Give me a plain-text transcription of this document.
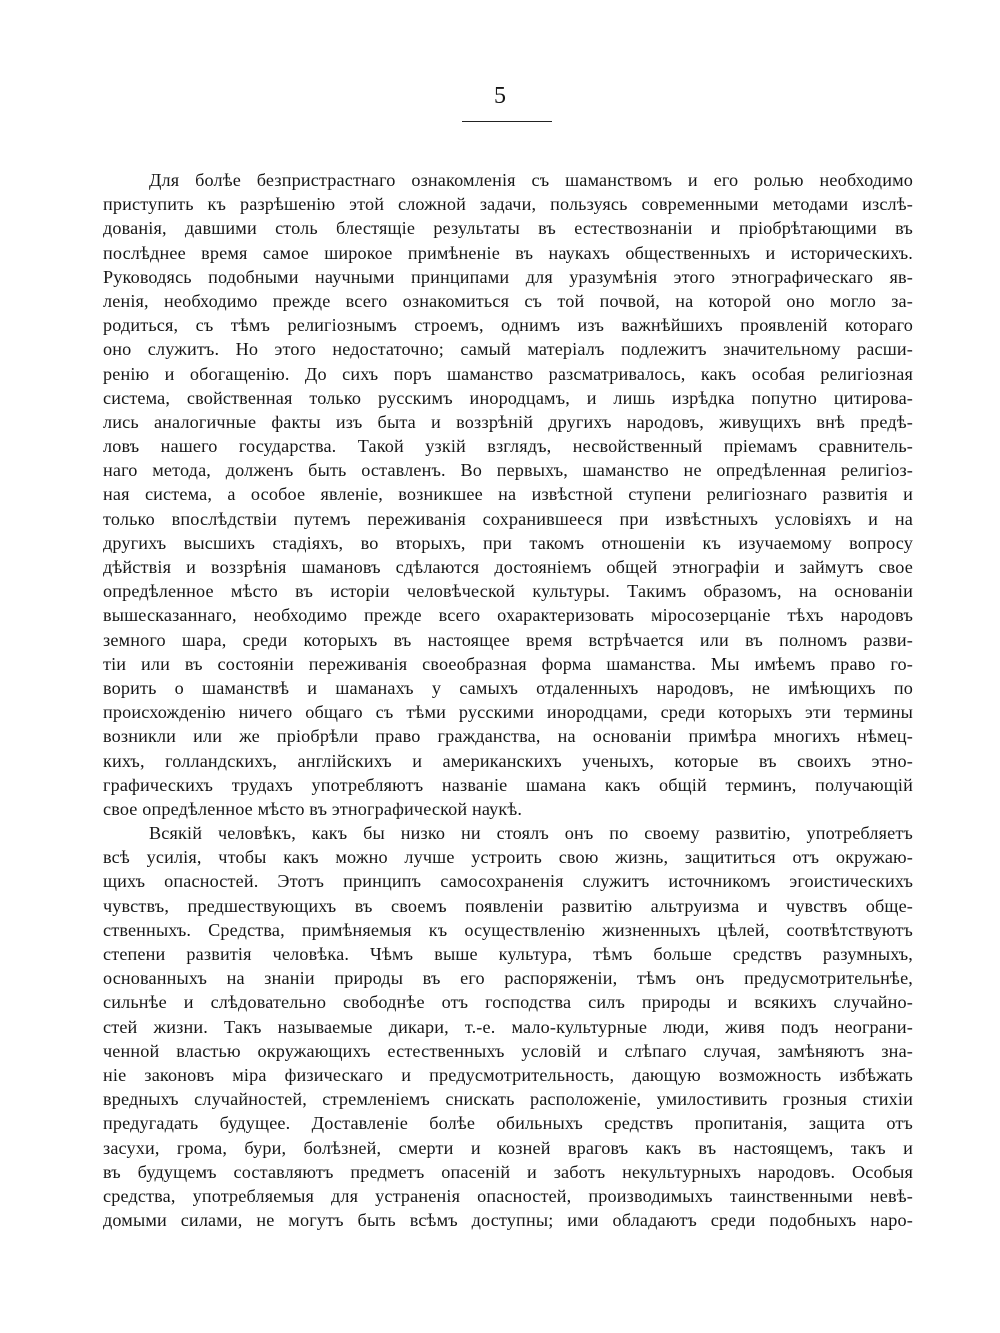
5
Для болѣе безпристрастнаго ознакомленія съ шаманствомъ и его ролью необходимо
приступить къ разрѣшенію этой сложной задачи, пользуясь современными методами изслѣ-
дованія, давшими столь блестящіе результаты въ естествознаніи и пріобрѣтающими въ
послѣднее время самое широкое примѣненіе въ наукахъ общественныхъ и историческихъ.
Руководясь подобными научными принципами для уразумѣнія этого этнографическаго яв-
ленія, необходимо прежде всего ознакомиться съ той почвой, на которой оно могло за-
родиться, съ тѣмъ религіознымъ строемъ, однимъ изъ важнѣйшихъ проявленій котораго
оно служитъ. Но этого недостаточно; самый матеріалъ подлежитъ значительному расши-
ренію и обогащенію. До сихъ поръ шаманство разсматривалось, какъ особая религіозная
система, свойственная только русскимъ инородцамъ, и лишь изрѣдка попутно цитирова-
лись аналогичные факты изъ быта и воззрѣній другихъ народовъ, живущихъ внѣ предѣ-
ловъ нашего государства. Такой узкій взглядъ, несвойственный пріемамъ сравнитель-
наго метода, долженъ быть оставленъ. Во первыхъ, шаманство не опредѣленная религіоз-
ная система, а особое явленіе, возникшее на извѣстной ступени религіознаго развитія и
только впослѣдствіи путемъ переживанія сохранившееся при извѣстныхъ условіяхъ и на
другихъ высшихъ стадіяхъ, во вторыхъ, при такомъ отношеніи къ изучаемому вопросу
дѣйствія и воззрѣнія шамановъ сдѣлаются достояніемъ общей этнографіи и займутъ свое
опредѣленное мѣсто въ исторіи человѣческой культуры. Такимъ образомъ, на основаніи
вышесказаннаго, необходимо прежде всего охарактеризовать міросозерцаніе тѣхъ народовъ
земного шара, среди которыхъ въ настоящее время встрѣчается или въ полномъ разви-
тіи или въ состояніи переживанія своеобразная форма шаманства. Мы имѣемъ право го-
ворить о шаманствѣ и шаманахъ у самыхъ отдаленныхъ народовъ, не имѣющихъ по
происхожденію ничего общаго съ тѣми русскими инородцами, среди которыхъ эти термины
возникли или же пріобрѣли право гражданства, на основаніи примѣра многихъ нѣмец-
кихъ, голландскихъ, англійскихъ и американскихъ ученыхъ, которые въ своихъ этно-
графическихъ трудахъ употребляютъ названіе шамана какъ общій терминъ, получающій
свое опредѣленное мѣсто въ этнографической наукѣ.
Всякій человѣкъ, какъ бы низко ни стоялъ онъ по своему развитію, употребляетъ
всѣ усилія, чтобы какъ можно лучше устроить свою жизнь, защититься отъ окружаю-
щихъ опасностей. Этотъ принципъ самосохраненія служитъ источникомъ эгоистическихъ
чувствъ, предшествующихъ въ своемъ появленіи развитію альтруизма и чувствъ обще-
ственныхъ. Средства, примѣняемыя къ осуществленію жизненныхъ цѣлей, соотвѣтствуютъ
степени развитія человѣка. Чѣмъ выше культура, тѣмъ больше средствъ разумныхъ,
основанныхъ на знаніи природы въ его распоряженіи, тѣмъ онъ предусмотрительнѣе,
сильнѣе и слѣдовательно свободнѣе отъ господства силъ природы и всякихъ случайно-
стей жизни. Такъ называемые дикари, т.-е. мало-культурные люди, живя подъ неограни-
ченной властью окружающихъ естественныхъ условій и слѣпаго случая, замѣняютъ зна-
ніе законовъ міра физическаго и предусмотрительность, дающую возможность избѣжать
вредныхъ случайностей, стремленіемъ снискать расположеніе, умилостивить грозныя стихіи
предугадать будущее. Доставленіе болѣе обильныхъ средствъ пропитанія, защита отъ
засухи, грома, бури, болѣзней, смерти и козней враговъ какъ въ настоящемъ, такъ и
въ будущемъ составляютъ предметъ опасеній и заботъ некультурныхъ народовъ. Особыя
средства, употребляемыя для устраненія опасностей, производимыхъ таинственными невѣ-
домыми силами, не могутъ быть всѣмъ доступны; ими обладаютъ среди подобныхъ наро-
